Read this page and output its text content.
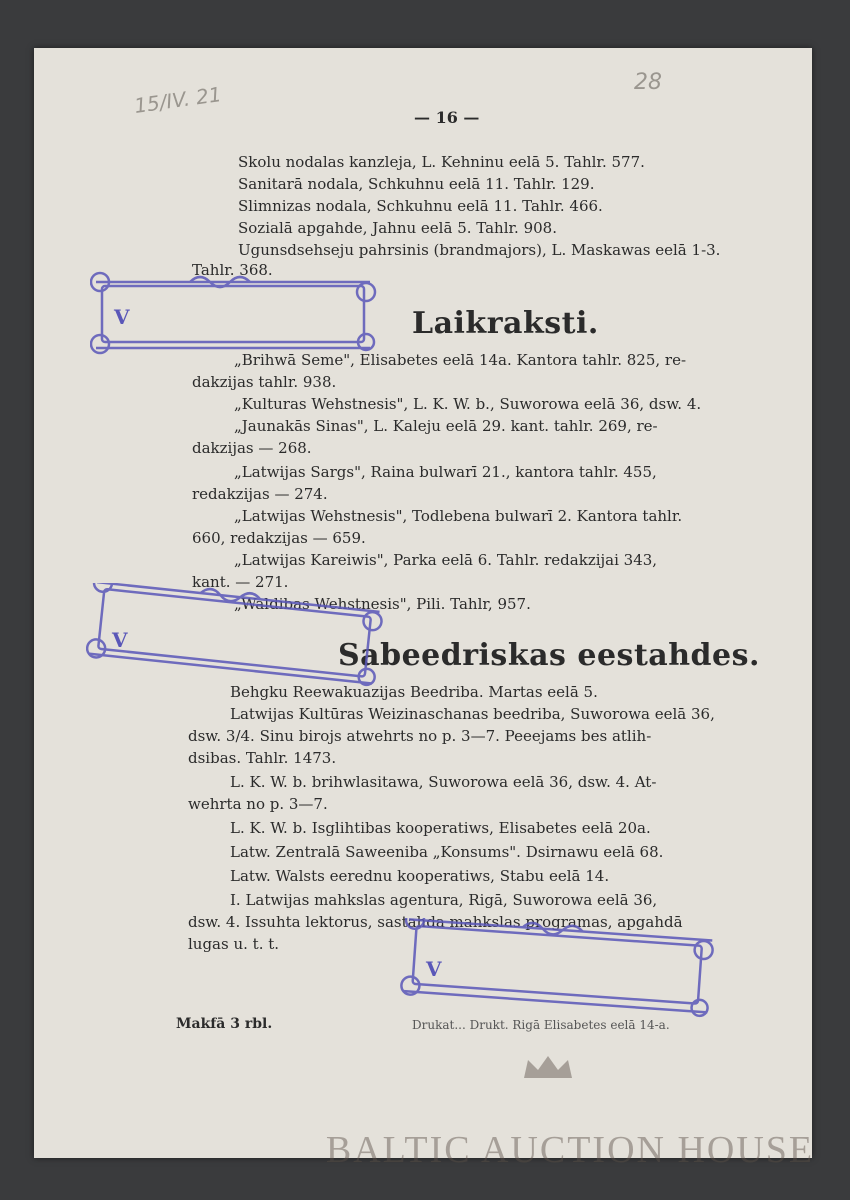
15/IV. 21	28
— 16 —
Skolu nodalas kanzleja, L. Kehninu eelā 5. Tahlr. 577.
Sanitarā nodala, Schkuhnu eelā 11. Tahlr. 129.
Slimnizas nodala, Schkuhnu eelā 11. Tahlr. 466.
Sozialā apgahde, Jahnu eelā 5. Tahlr. 908.
Ugunsdsehseju pahrsinis (brandmajors), L. Maskawas eelā 1-3.
Tahlr. 368.
Laikraksti.
„Brihwā Seme", Elisabetes eelā 14a. Kantora tahlr. 825, re-
dakzijas tahlr. 938.
„Kulturas Wehstnesis", L. K. W. b., Suworowa eelā 36, dsw. 4.
„Jaunakās Sinas", L. Kaleju eelā 29. kant. tahlr. 269, re-
dakzijas — 268.
„Latwijas Sargs", Raina bulwarī 21., kantora tahlr. 455,
redakzijas — 274.
„Latwijas Wehstnesis", Todlebena bulwarī 2. Kantora tahlr.
660, redakzijas — 659.
„Latwijas Kareiwis", Parka eelā 6. Tahlr. redakzijai 343,
kant. — 271.
„Waldibas Wehstnesis", Pili. Tahlr, 957.
Sabeedriskas eestahdes.
Behgku Reewakuazijas Beedriba. Martas eelā 5.
Latwijas Kultūras Weizinaschanas beedriba, Suworowa eelā 36,
dsw. 3/4. Sinu birojs atwehrts no p. 3—7. Peeejams bes atlih-
dsibas. Tahlr. 1473.
L. K. W. b. brihwlasitawa, Suworowa eelā 36, dsw. 4. At-
wehrta no p. 3—7.
L. K. W. b. Isglihtibas kooperatiws, Elisabetes eelā 20a.
Latw. Zentralā Saweeniba „Konsums". Dsirnawu eelā 68.
Latw. Walsts eerednu kooperatiws, Stabu eelā 14.
I. Latwijas mahkslas agentura, Rigā, Suworowa eelā 36,
dsw. 4. Issuhta lektorus, sastahda mahkslas programas, apgahdā
lugas u. t. t.
Makfā 3 rbl.	Drukat... Drukt. Rigā Elisabetes eelā 14-a.
V
V
V
BALTIC AUCTION HOUSE
